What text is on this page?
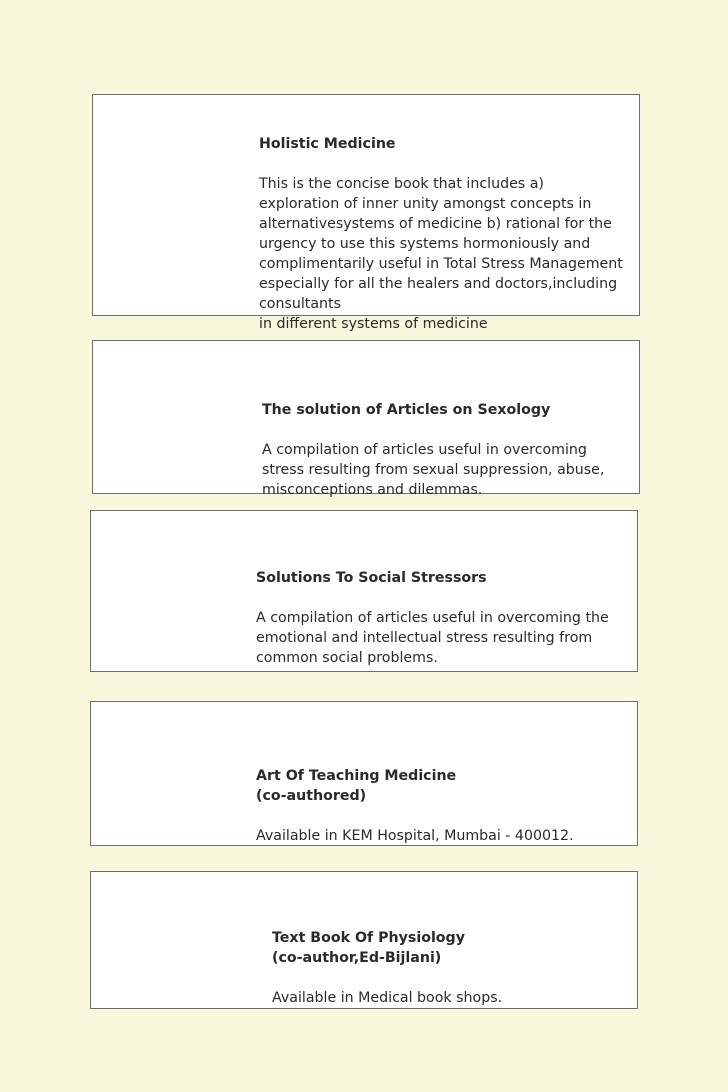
Holistic Medicine

This is the concise book that includes a)
exploration of inner unity amongst concepts in
alternativesystems of medicine b) rational for the
urgency to use this systems hormoniously and
complimentarily useful in Total Stress Management
especially for all the healers and doctors,including
consultants
in different systems of medicine

The solution of Articles on Sexology

A compilation of articles useful in overcoming
stress resulting from sexual suppression, abuse,
misconceptions and dilemmas.

Solutions To Social Stressors

A compilation of articles useful in overcoming the
emotional and intellectual stress resulting from
common social problems.

Art Of Teaching Medicine
(co-authored)

Available in KEM Hospital, Mumbai - 400012.

Text Book Of Physiology
(co-author,Ed-Bijlani)

Available in Medical book shops.
